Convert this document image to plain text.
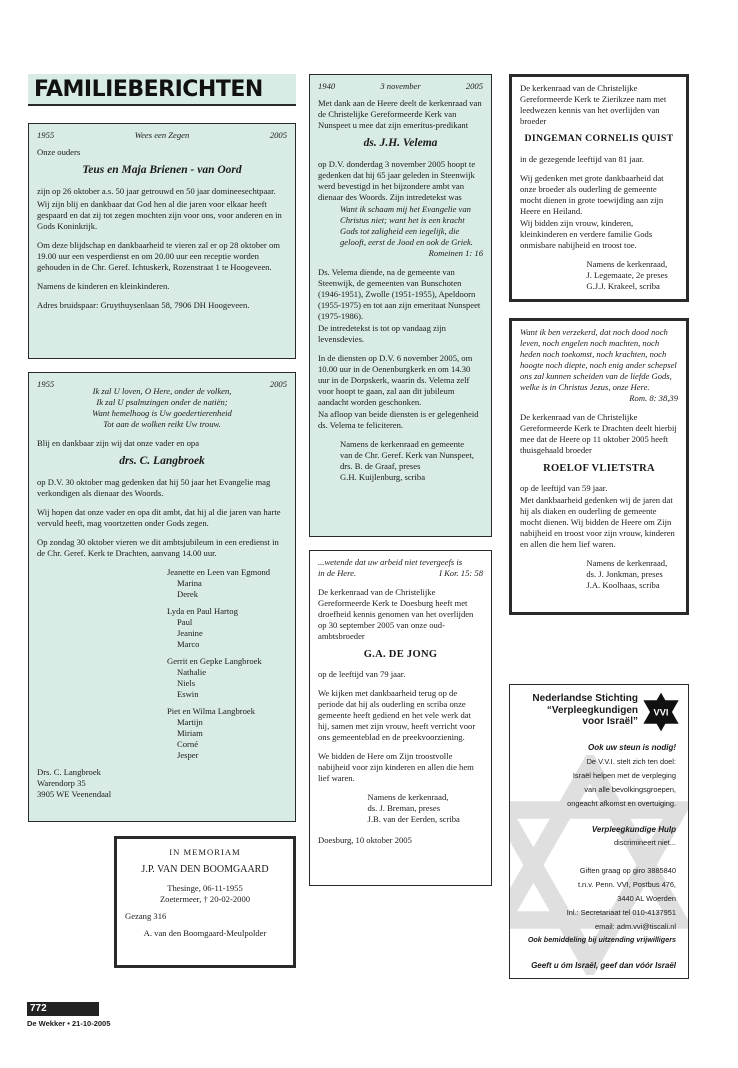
FAMILIEBERICHTEN
1955	Wees een Zegen	2005
Onze ouders
Teus en Maja Brienen - van Oord

zijn op 26 oktober a.s. 50 jaar getrouwd en 50 jaar domineesechtpaar.

Wij zijn blij en dankbaar dat God hen al die jaren voor elkaar heeft gespaard en dat zij tot zegen mochten zijn voor ons, voor anderen en in Gods Koninkrijk.

Om deze blijdschap en dankbaarheid te vieren zal er op 28 oktober om 19.00 uur een vesperdienst en om 20.00 uur een receptie worden gehouden in de Chr. Geref. Ichtuskerk, Rozenstraat 1 te Hoogeveen.

Namens de kinderen en kleinkinderen.

Adres bruidspaar: Gruythuysenlaan 58, 7906 DH Hoogeveen.

1955	2005
Ik zal U loven, O Here, onder de volken,
Ik zal U psalmzingen onder de natiën;
Want hemelhoog is Uw goedertierenheid
Tot aan de wolken reikt Uw trouw.
Blij en dankbaar zijn wij dat onze vader en opa
drs. C. Langbroek

op D.V. 30 oktober mag gedenken dat hij 50 jaar het Evangelie mag verkondigen als dienaar des Woords.

Wij hopen dat onze vader en opa dit ambt, dat hij al die jaren van harte vervuld heeft, mag voortzetten onder Gods zegen.

Op zondag 30 oktober vieren we dit ambtsjubileum in een eredienst in de Chr. Geref. Kerk te Drachten, aanvang 14.00 uur.

Jeanette en Leen van Egmond
Marina
Derek
Lyda en Paul Hartog
Paul
Jeanine
Marco
Gerrit en Gepke Langbroek
Nathalie
Niels
Eswin
Piet en Wilma Langbroek
Martijn
Miriam
Corné
Jesper
Drs. C. Langbroek
Warendorp 35
3905 WE Veenendaal
IN MEMORIAM
J.P. VAN DEN BOOMGAARD
Thesinge, 06-11-1955
Zoetermeer, † 20-02-2000
Gezang 316
A. van den Boomgaard-Meulpolder
1940	3 november	2005

Met dank aan de Heere deelt de kerkenraad van de Christelijke Gereformeerde Kerk van Nunspeet u mee dat zijn emeritus-predikant

ds. J.H. Velema

op D.V. donderdag 3 november 2005 hoopt te gedenken dat hij 65 jaar geleden in Steenwijk werd bevestigd in het bijzondere ambt van dienaar des Woords. Zijn intredetekst was

Want ik schaam mij het Evangelie van
Christus niet; want het is een kracht
Gods tot zaligheid een iegelijk, die
gelooft, eerst de Jood en ook de Griek.
Romeinen 1: 16

Ds. Velema diende, na de gemeente van Steenwijk, de gemeenten van Bunschoten (1946-1951), Zwolle (1951-1955), Apeldoorn (1955-1975) en tot aan zijn emeritaat Nunspeet (1975-1986).

De intredetekst is tot op vandaag zijn levensdevies.

In de diensten op D.V. 6 november 2005, om 10.00 uur in de Oenenburgkerk en om 14.30 uur in de Dorpskerk, waarin ds. Velema zelf voor hoopt te gaan, zal aan dit jubileum aandacht worden geschonken.

Na afloop van beide diensten is er gelegenheid ds. Velema te feliciteren.

Namens de kerkenraad en gemeente
van de Chr. Geref. Kerk van Nunspeet,
drs. B. de Graaf, preses
G.H. Kuijlenburg, scriba
...wetende dat uw arbeid niet tevergeefs is
in de Here.	I Kor. 15: 58

De kerkenraad van de Christelijke Gereformeerde Kerk te Doesburg heeft met droefheid kennis genomen van het overlijden op 30 september 2005 van onze oud-ambtsbroeder

G.A. DE JONG

op de leeftijd van 79 jaar.

We kijken met dankbaarheid terug op de periode dat hij als ouderling en scriba onze gemeente heeft gediend en het vele werk dat hij, samen met zijn vrouw, heeft verricht voor ons gemeenteblad en de preekvoorziening.

We bidden de Here om Zijn troostvolle nabijheid voor zijn kinderen en allen die hem lief waren.

Namens de kerkenraad,
ds. J. Breman, preses
J.B. van der Eerden, scriba
Doesburg, 10 oktober 2005

De kerkenraad van de Christelijke Gereformeerde Kerk te Zierikzee nam met leedwezen kennis van het overlijden van broeder

DINGEMAN CORNELIS QUIST

in de gezegende leeftijd van 81 jaar.

Wij gedenken met grote dankbaarheid dat onze broeder als ouderling de gemeente mocht dienen in grote toewijding aan zijn Heere en Heiland.

Wij bidden zijn vrouw, kinderen, kleinkinderen en verdere familie Gods onmisbare nabijheid en troost toe.

Namens de kerkenraad,
J. Legemaate, 2e preses
G.J.J. Krakeel, scriba
Want ik ben verzekerd, dat noch dood noch
leven, noch engelen noch machten, noch
heden noch toekomst, noch krachten, noch
hoogte noch diepte, noch enig ander schepsel
ons zal kunnen scheiden van de liefde Gods,
welke is in Christus Jezus, onze Here.
Rom. 8: 38,39

De kerkenraad van de Christelijke Gereformeerde Kerk te Drachten deelt hierbij mee dat de Heere op 11 oktober 2005 heeft thuisgehaald broeder

ROELOF VLIETSTRA

op de leeftijd van 59 jaar.

Met dankbaarheid gedenken wij de jaren dat hij als diaken en ouderling de gemeente mocht dienen. Wij bidden de Heere om Zijn nabijheid en troost voor zijn vrouw, kinderen en allen die hem lief waren.

Namens de kerkenraad,
ds. J. Jonkman, preses
J.A. Koolhaas, scriba
Nederlandse Stichting
“Verpleegkundigen
voor Israël”
VVI
Ook uw steun is nodig!
De V.V.I. stelt zich ten doel:
Israël helpen met de verpleging
van alle bevolkingsgroepen,
ongeacht afkomst en overtuiging.
Verpleegkundige Hulp
discrimineert niet...
Giften graag op giro 3885840
t.n.v. Penn. VVI, Postbus 476,
3440 AL Woerden
Inl.: Secretariaat tel 010-4137951
email: adm.vvi@tiscali.nl
Ook bemiddeling bij uitzending vrijwilligers
Geeft u óm Israël, geef dan vóór Israël
772
De Wekker • 21-10-2005
